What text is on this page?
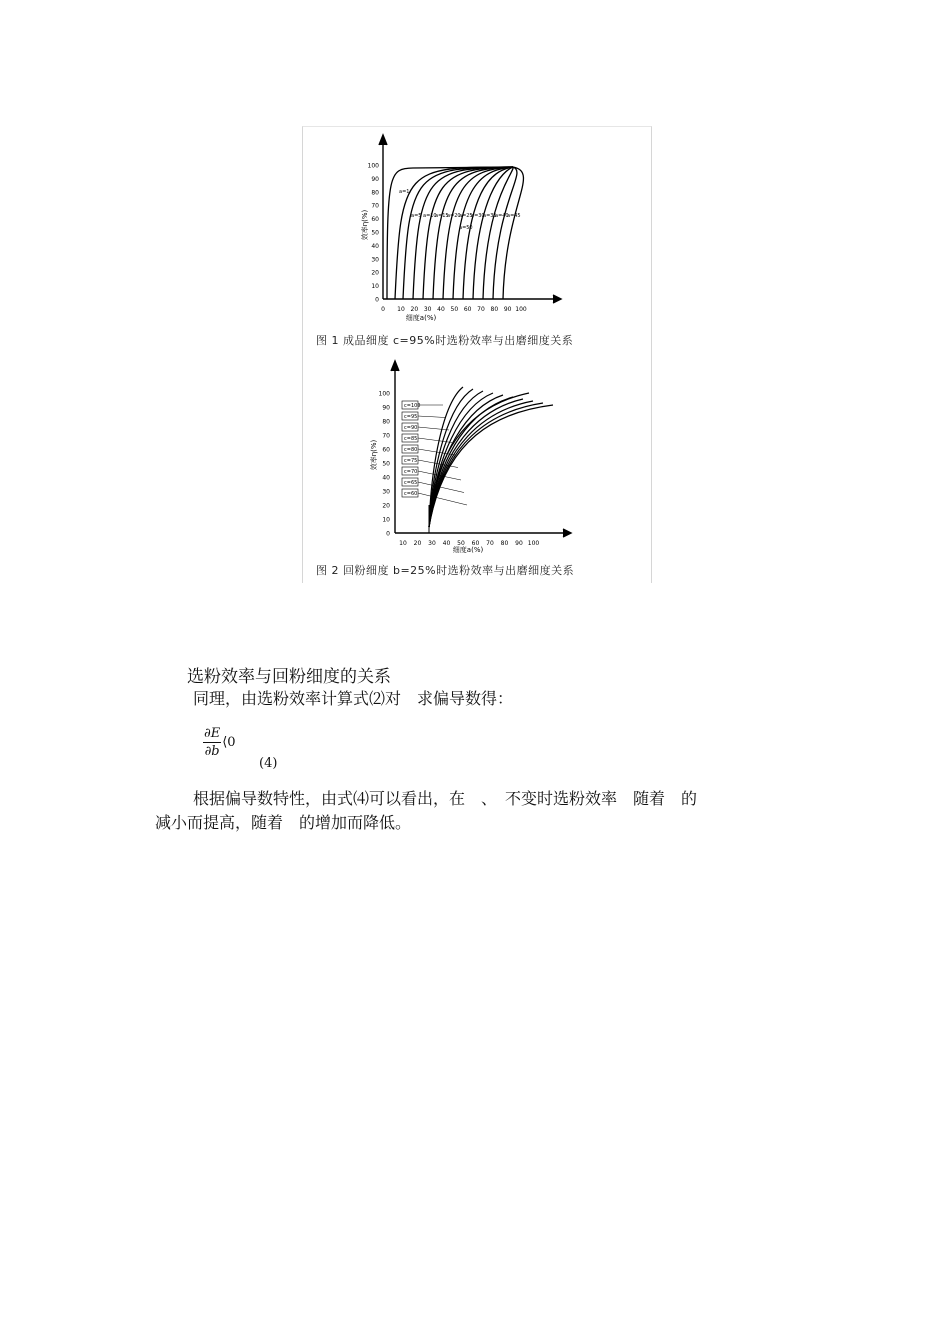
100
90
80
70
60
50
40
30
20
10
0
0 10 20 30 40 50 60 70 80 90 100
a=1
a=5 a=10
a=15
a=20
a=25
a=30
a=35
a=40
a=45
a=50
效率η(%)
细度a(%)
图 1 成品细度 c=95%时选粉效率与出磨细度关系
100
90
80
70
60
50
40
30
20
10
0
10 20 30 40 50 60 70 80 90 100
c=100
c=95
c=90
c=85
c=80
c=75
c=70
c=65
c=60
效率η(%)
细度a(%)
图 2 回粉细度 b=25%时选粉效率与出磨细度关系
选粉效率与回粉细度的关系
同理，由选粉效率计算式⑵对　求偏导数得：
$\frac{\partial E}{\partial b}$ ⟨0
(4)
根据偏导数特性，由式⑷可以看出，在　、　不变时选粉效率　随着　的
减小而提高，随着　的增加而降低。
